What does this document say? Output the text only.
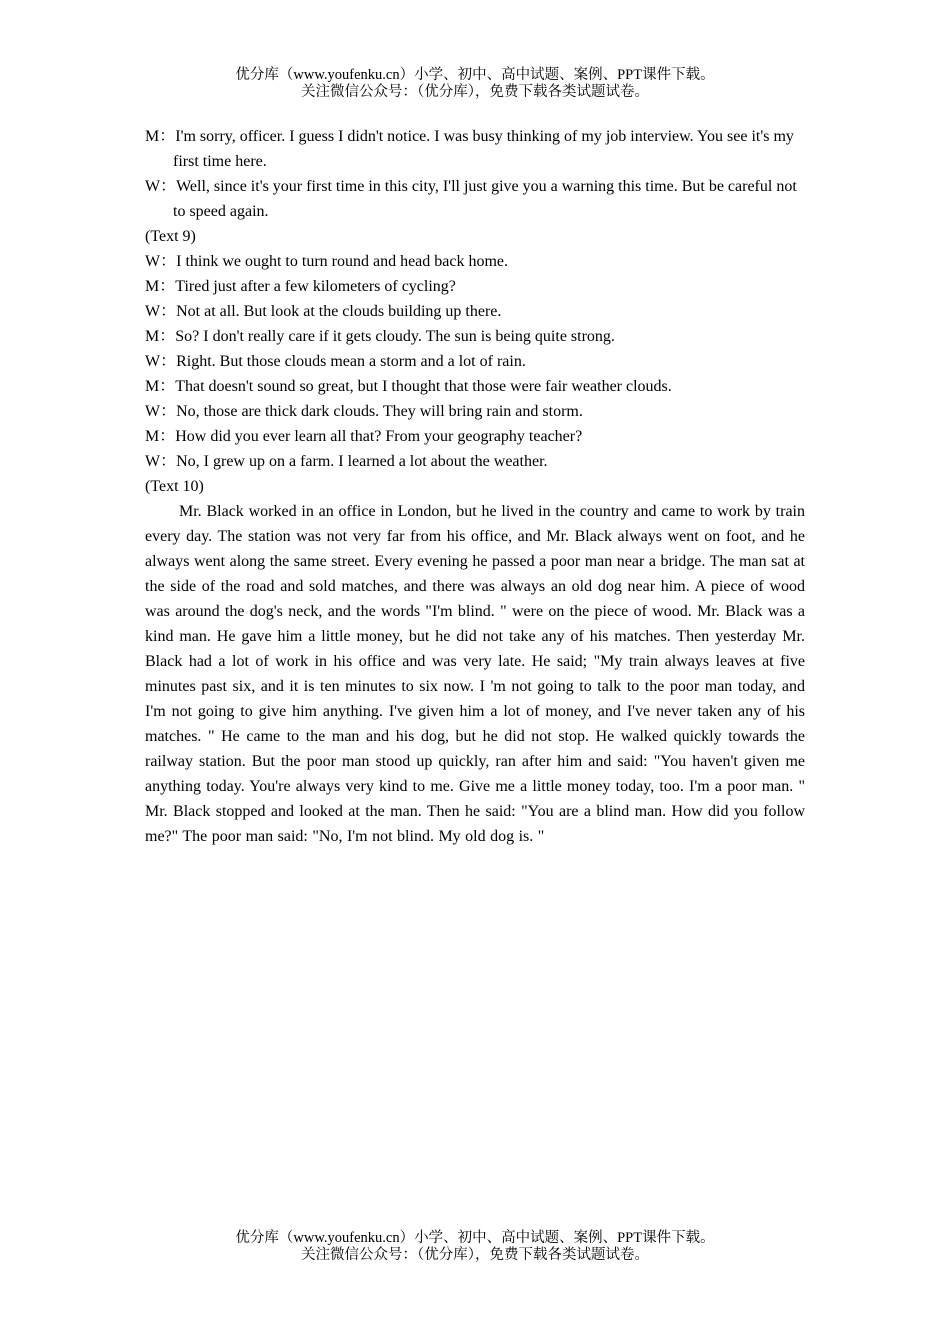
优分库（www.youfenku.cn）小学、初中、高中试题、案例、PPT课件下载。
关注微信公众号：（优分库），免费下载各类试题试卷。

M：I'm sorry, officer. I guess I didn't notice. I was busy thinking of my job interview. You see it's my first time here.

W：Well, since it's your first time in this city, I'll just give you a warning this time. But be careful not to speed again.

(Text 9)

W：I think we ought to turn round and head back home.

M：Tired just after a few kilometers of cycling?

W：Not at all. But look at the clouds building up there.

M：So? I don't really care if it gets cloudy. The sun is being quite strong.

W：Right. But those clouds mean a storm and a lot of rain.

M：That doesn't sound so great, but I thought that those were fair weather clouds.

W：No, those are thick dark clouds. They will bring rain and storm.

M：How did you ever learn all that? From your geography teacher?

W：No, I grew up on a farm. I learned a lot about the weather.

(Text 10)

Mr. Black worked in an office in London, but he lived in the country and came to work by train every day. The station was not very far from his office, and Mr. Black always went on foot, and he always went along the same street. Every evening he passed a poor man near a bridge. The man sat at the side of the road and sold matches, and there was always an old dog near him. A piece of wood was around the dog's neck, and the words "I'm blind. " were on the piece of wood. Mr. Black was a kind man. He gave him a little money, but he did not take any of his matches. Then yesterday Mr. Black had a lot of work in his office and was very late. He said; "My train always leaves at five minutes past six, and it is ten minutes to six now. I 'm not going to talk to the poor man today, and I'm not going to give him anything. I've given him a lot of money, and I've never taken any of his matches. " He came to the man and his dog, but he did not stop. He walked quickly towards the railway station. But the poor man stood up quickly, ran after him and said: "You haven't given me anything today. You're always very kind to me. Give me a little money today, too. I'm a poor man. " Mr. Black stopped and looked at the man. Then he said: "You are a blind man. How did you follow me?" The poor man said: "No, I'm not blind. My old dog is. "

优分库（www.youfenku.cn）小学、初中、高中试题、案例、PPT课件下载。
关注微信公众号：（优分库），免费下载各类试题试卷。
